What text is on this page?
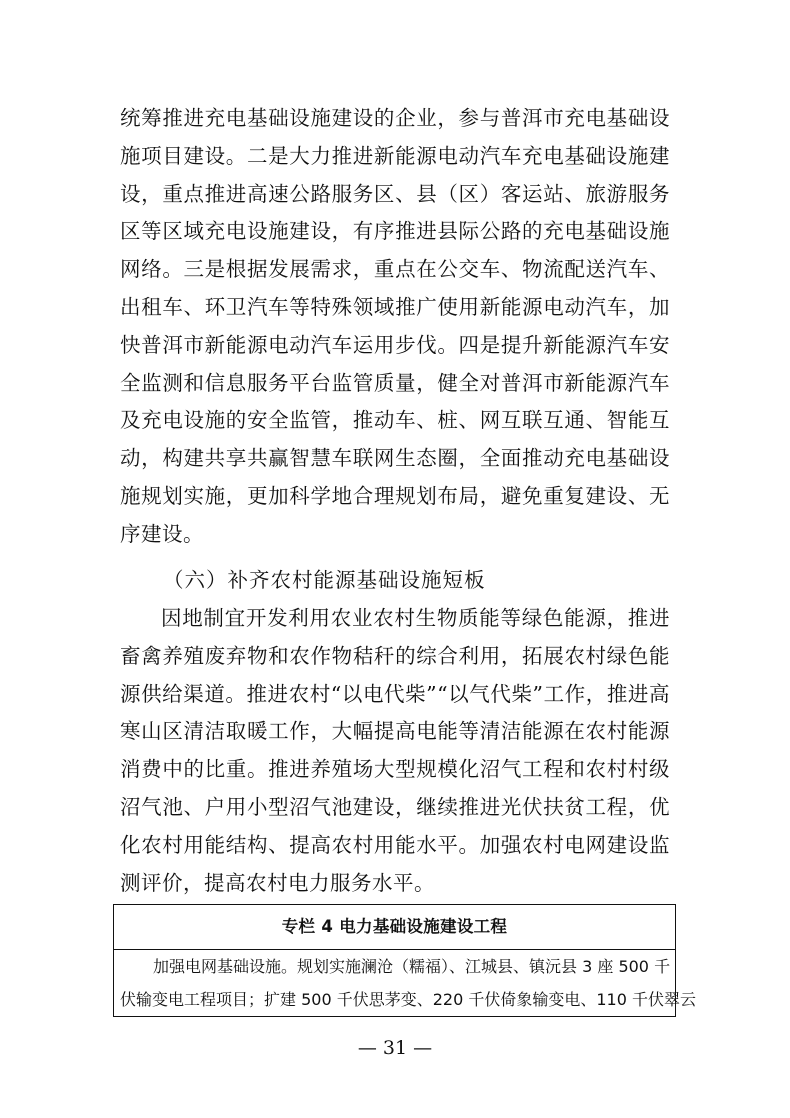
统筹推进充电基础设施建设的企业，参与普洱市充电基础设
施项目建设。二是大力推进新能源电动汽车充电基础设施建
设，重点推进高速公路服务区、县（区）客运站、旅游服务
区等区域充电设施建设，有序推进县际公路的充电基础设施
网络。三是根据发展需求，重点在公交车、物流配送汽车、
出租车、环卫汽车等特殊领域推广使用新能源电动汽车，加
快普洱市新能源电动汽车运用步伐。四是提升新能源汽车安
全监测和信息服务平台监管质量，健全对普洱市新能源汽车
及充电设施的安全监管，推动车、桩、网互联互通、智能互
动，构建共享共赢智慧车联网生态圈，全面推动充电基础设
施规划实施，更加科学地合理规划布局，避免重复建设、无
序建设。
（六）补齐农村能源基础设施短板
因地制宜开发利用农业农村生物质能等绿色能源，推进
畜禽养殖废弃物和农作物秸秆的综合利用，拓展农村绿色能
源供给渠道。推进农村“以电代柴”“以气代柴”工作，推进高
寒山区清洁取暖工作，大幅提高电能等清洁能源在农村能源
消费中的比重。推进养殖场大型规模化沼气工程和农村村级
沼气池、户用小型沼气池建设，继续推进光伏扶贫工程，优
化农村用能结构、提高农村用能水平。加强农村电网建设监
测评价，提高农村电力服务水平。
专栏 4 电力基础设施建设工程
加强电网基础设施。规划实施澜沧（糯福）、江城县、镇沅县 3 座 500 千
伏输变电工程项目；扩建 500 千伏思茅变、220 千伏倚象输变电、110 千伏翠云
— 31 —
